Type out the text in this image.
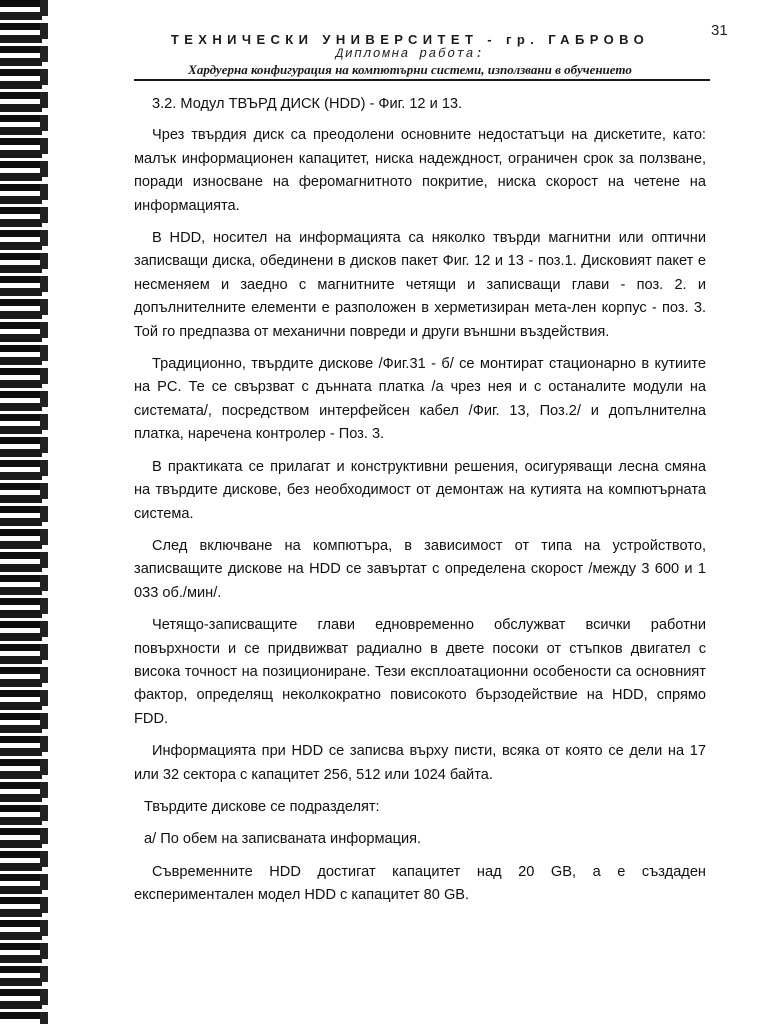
31
ТЕХНИЧЕСКИ УНИВЕРСИТЕТ - гр. ГАБРОВО
Дипломна работа:
Хардуерна конфигурация на компютърни системи, използвани в обучението

3.2. Модул ТВЪРД ДИСК (HDD) - Фиг. 12 и 13.

Чрез твърдия диск са преодолени основните недостатъци на дискетите, като: малък информационен капацитет, ниска надеждност, ограничен срок за ползване, поради износване на феромагнитното покритие, ниска скорост на четене на информацията.

В HDD, носител на информацията са няколко твърди магнитни или оптични записващи диска, обединени в дисков пакет Фиг. 12 и 13 - поз.1. Дисковият пакет е несменяем и заедно с магнитните четящи и записващи глави - поз. 2. и допълнителните елементи е разположен в херметизиран мета-лен корпус - поз. 3. Той го предпазва от механични повреди и други външни въздействия.

Традиционно, твърдите дискове /Фиг.31 - б/ се монтират стационарно в кутиите на PC. Те се свързват с дънната платка /а чрез нея и с останалите модули на системата/, посредством интерфейсен кабел /Фиг. 13, Поз.2/ и допълнителна платка, наречена контролер - Поз. 3.

В практиката се прилагат и конструктивни решения, осигуряващи лесна смяна на твърдите дискове, без необходимост от демонтаж на кутията на компютърната система.

След включване на компютъра, в зависимост от типа на устройството, записващите дискове на HDD се завъртат с определена скорост /между 3 600 и 1 033 об./мин/.

Четящо-записващите глави едновременно обслужват всички работни повърхности и се придвижват радиално в двете посоки от стъпков двигател с висока точност на позициониране. Тези експлоатационни особености са основният фактор, определящ неколкократно повисокото бързодействие на HDD, спрямо FDD.

Информацията при HDD се записва върху писти, всяка от която се дели на 17 или 32 сектора с капацитет 256, 512 или 1024 байта.

Твърдите дискове се подразделят:

а/ По обем на записваната информация.

Съвременните HDD достигат капацитет над 20 GB, а е създаден експериментален модел HDD с капацитет 80 GB.
